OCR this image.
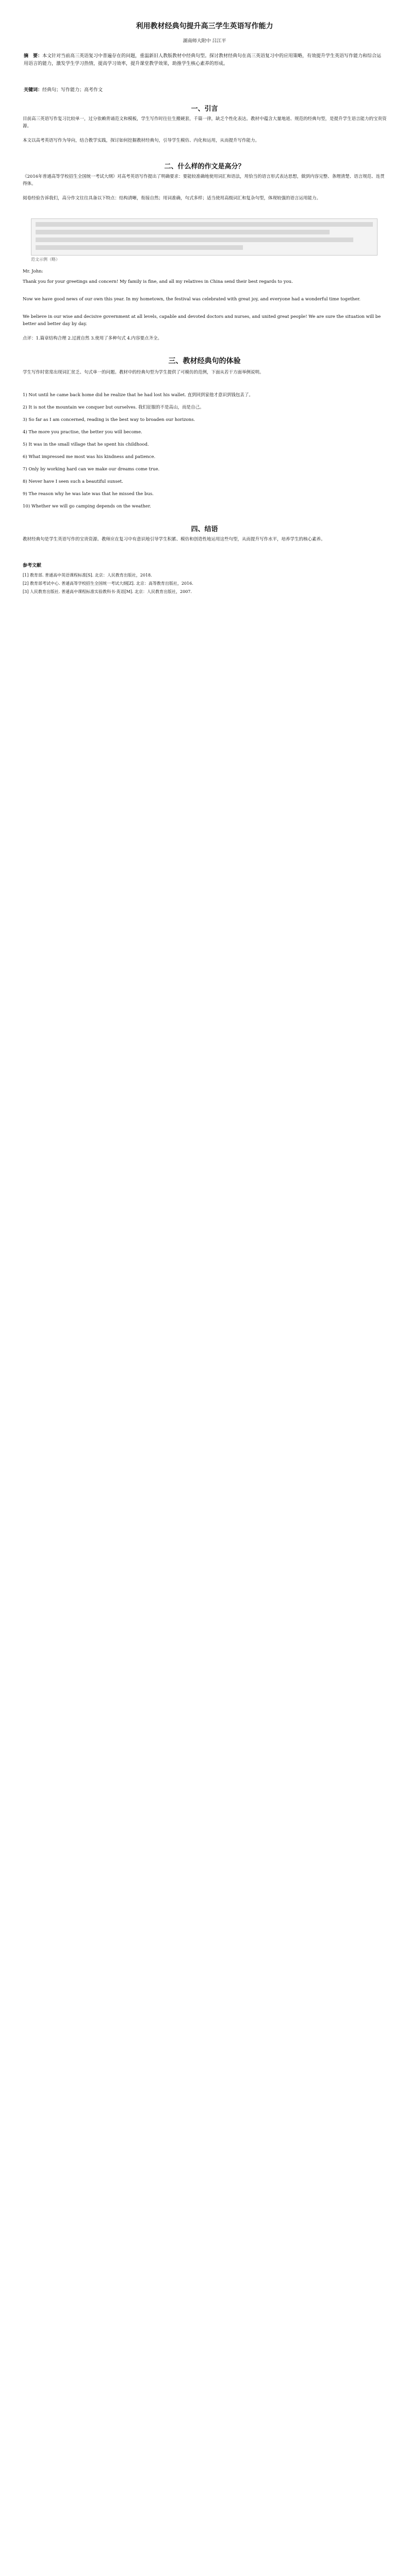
利用教材经典句提升高三学生英语写作能力
湖南师大附中 吕江平
摘　要：本文针对当前高三英语复习中普遍存在的问题，重温新旧人教版教材中经典句型。探讨教材经典句在高三英语复习中的应用策略，有效提升学生英语写作能力和综合运用语言的能力，激发学生学习热情，提高学习效率，提升课堂教学效果，助推学生核心素养的形成。
关键词：经典句；写作能力；高考作文
一、引言
目前高三英语写作复习比较单一，过分依赖背诵范文和模板，学生写作时往往生搬硬套，千篇一律，缺乏个性化表达。教材中蕴含大量地道、规范的经典句型，是提升学生语言能力的宝贵资源。
本文以高考英语写作为导向，结合教学实践，探讨如何挖掘教材经典句，引导学生模仿、内化和运用，从而提升写作能力。
二、什么样的作文是高分？
《2016年普通高等学校招生全国统一考试大纲》对高考英语写作提出了明确要求：要能较准确地使用词汇和语法，用恰当的语言形式表达思想，做到内容完整、条理清楚、语言规范、连贯得体。
阅卷经验告诉我们，高分作文往往具备以下特点：结构清晰，衔接自然；用词准确，句式多样；适当使用高级词汇和复杂句型，体现较强的语言运用能力。
范文示例（略）
Mr. John:
Thank you for your greetings and concern! My family is fine, and all my relatives in China send their best regards to you.
Now we have good news of our own this year. In my hometown, the festival was celebrated with great joy, and everyone had a wonderful time together.
We believe in our wise and decisive government at all levels, capable and devoted doctors and nurses, and united great people! We are sure the situation will be better and better day by day.
点评：1.篇章结构合理 2.过渡自然 3.使用了多种句式 4.内容要点齐全。
三、教材经典句的体验
学生写作时常常出现词汇贫乏、句式单一的问题。教材中的经典句型为学生提供了可模仿的范例，下面从若干方面举例说明。
1) Not until he came back home did he realize that he had lost his wallet. 直到回到家他才意识到钱包丢了。
2) It is not the mountain we conquer but ourselves. 我们征服的不是高山，而是自己。
3) So far as I am concerned, reading is the best way to broaden our horizons.
4) The more you practise, the better you will become.
5) It was in the small village that he spent his childhood.
6) What impressed me most was his kindness and patience.
7) Only by working hard can we make our dreams come true.
8) Never have I seen such a beautiful sunset.
9) The reason why he was late was that he missed the bus.
10) Whether we will go camping depends on the weather.
四、结语
教材经典句是学生英语写作的宝贵资源。教师应在复习中有意识地引导学生积累、模仿和创造性地运用这些句型，从而提升写作水平，培养学生的核心素养。
参考文献
[1] 教育部. 普通高中英语课程标准[S]. 北京：人民教育出版社，2018.
[2] 教育部考试中心. 普通高等学校招生全国统一考试大纲[Z]. 北京：高等教育出版社，2016.
[3] 人民教育出版社. 普通高中课程标准实验教科书·英语[M]. 北京：人民教育出版社，2007.
